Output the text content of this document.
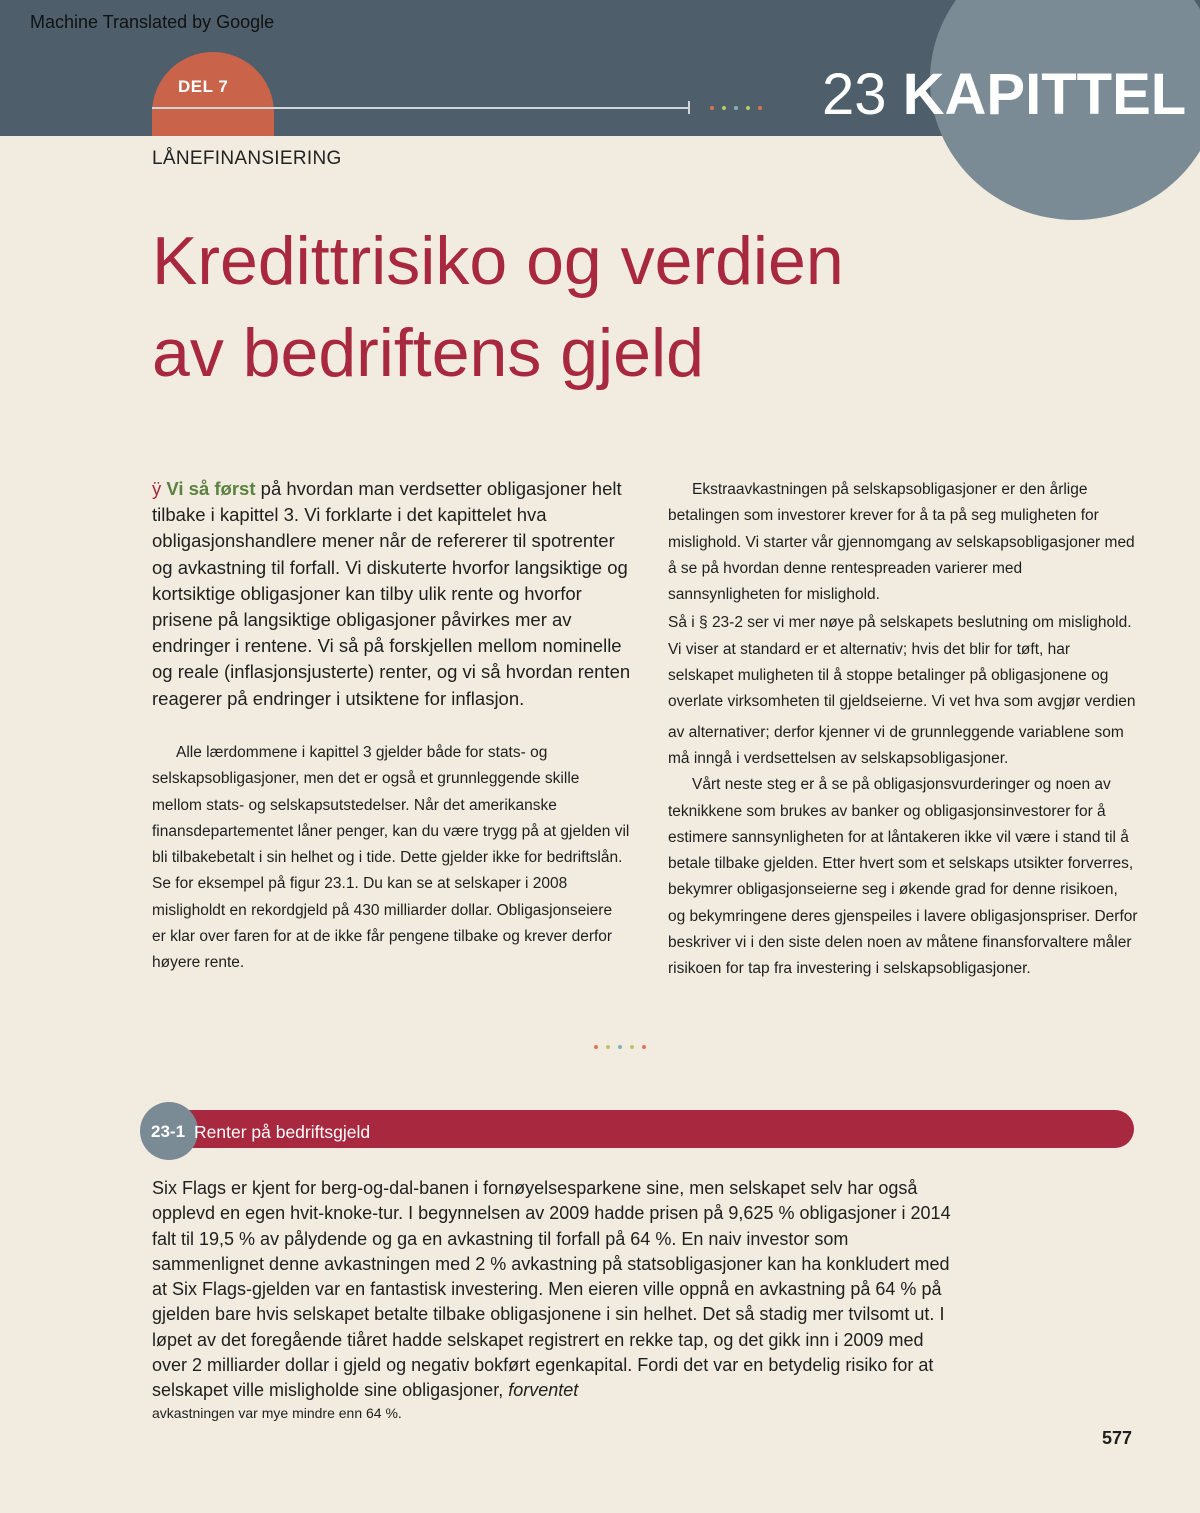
Machine Translated by Google
DEL 7	23 KAPITTEL
LÅNEFINANSIERING
Kredittrisiko og verdien
av bedriftens gjeld
ÿ Vi så først på hvordan man verdsetter obligasjoner helt tilbake i kapittel 3. Vi forklarte i det kapittelet hva obligasjonshandlere mener når de refererer til spotrenter og avkastning til forfall. Vi diskuterte hvorfor langsiktige og kortsiktige obligasjoner kan tilby ulik rente og hvorfor prisene på langsiktige obligasjoner påvirkes mer av endringer i rentene. Vi så på forskjellen mellom nominelle og reale (inflasjonsjusterte) renter, og vi så hvordan renten reagerer på endringer i utsiktene for inflasjon.

Alle lærdommene i kapittel 3 gjelder både for stats- og selskapsobligasjoner, men det er også et grunnleggende skille mellom stats- og selskapsutstedelser. Når det amerikanske finansdepartementet låner penger, kan du være trygg på at gjelden vil bli tilbakebetalt i sin helhet og i tide. Dette gjelder ikke for bedriftslån. Se for eksempel på figur 23.1. Du kan se at selskaper i 2008 misligholdt en rekordgjeld på 430 milliarder dollar. Obligasjonseiere er klar over faren for at de ikke får pengene tilbake og krever derfor høyere rente.

Ekstraavkastningen på selskapsobligasjoner er den årlige betalingen som investorer krever for å ta på seg muligheten for mislighold. Vi starter vår gjennomgang av selskapsobligasjoner med å se på hvordan denne rentespreaden varierer med sannsynligheten for mislighold.

Så i § 23-2 ser vi mer nøye på selskapets beslutning om mislighold. Vi viser at standard er et alternativ; hvis det blir for tøft, har selskapet muligheten til å stoppe betalinger på obligasjonene og overlate virksomheten til gjeldseierne. Vi vet hva som avgjør verdien

av alternativer; derfor kjenner vi de grunnleggende variablene som må inngå i verdsettelsen av selskapsobligasjoner.

Vårt neste steg er å se på obligasjonsvurderinger og noen av teknikkene som brukes av banker og obligasjonsinvestorer for å estimere sannsynligheten for at låntakeren ikke vil være i stand til å betale tilbake gjelden. Etter hvert som et selskaps utsikter forverres, bekymrer obligasjonseierne seg i økende grad for denne risikoen, og bekymringene deres gjenspeiles i lavere obligasjonspriser. Derfor beskriver vi i den siste delen noen av måtene finansforvaltere måler risikoen for tap fra investering i selskapsobligasjoner.

23-1 Renter på bedriftsgjeld

Six Flags er kjent for berg-og-dal-banen i fornøyelsesparkene sine, men selskapet selv har også opplevd en egen hvit-knoke-tur. I begynnelsen av 2009 hadde prisen på 9,625 % obligasjoner i 2014 falt til 19,5 % av pålydende og ga en avkastning til forfall på 64 %. En naiv investor som sammenlignet denne avkastningen med 2 % avkastning på statsobligasjoner kan ha konkludert med at Six Flags-gjelden var en fantastisk investering. Men eieren ville oppnå en avkastning på 64 % på gjelden bare hvis selskapet betalte tilbake obligasjonene i sin helhet. Det så stadig mer tvilsomt ut. I løpet av det foregående tiåret hadde selskapet registrert en rekke tap, og det gikk inn i 2009 med over 2 milliarder dollar i gjeld og negativ bokført egenkapital. Fordi det var en betydelig risiko for at selskapet ville misligholde sine obligasjoner, forventet

avkastningen var mye mindre enn 64 %.

577
